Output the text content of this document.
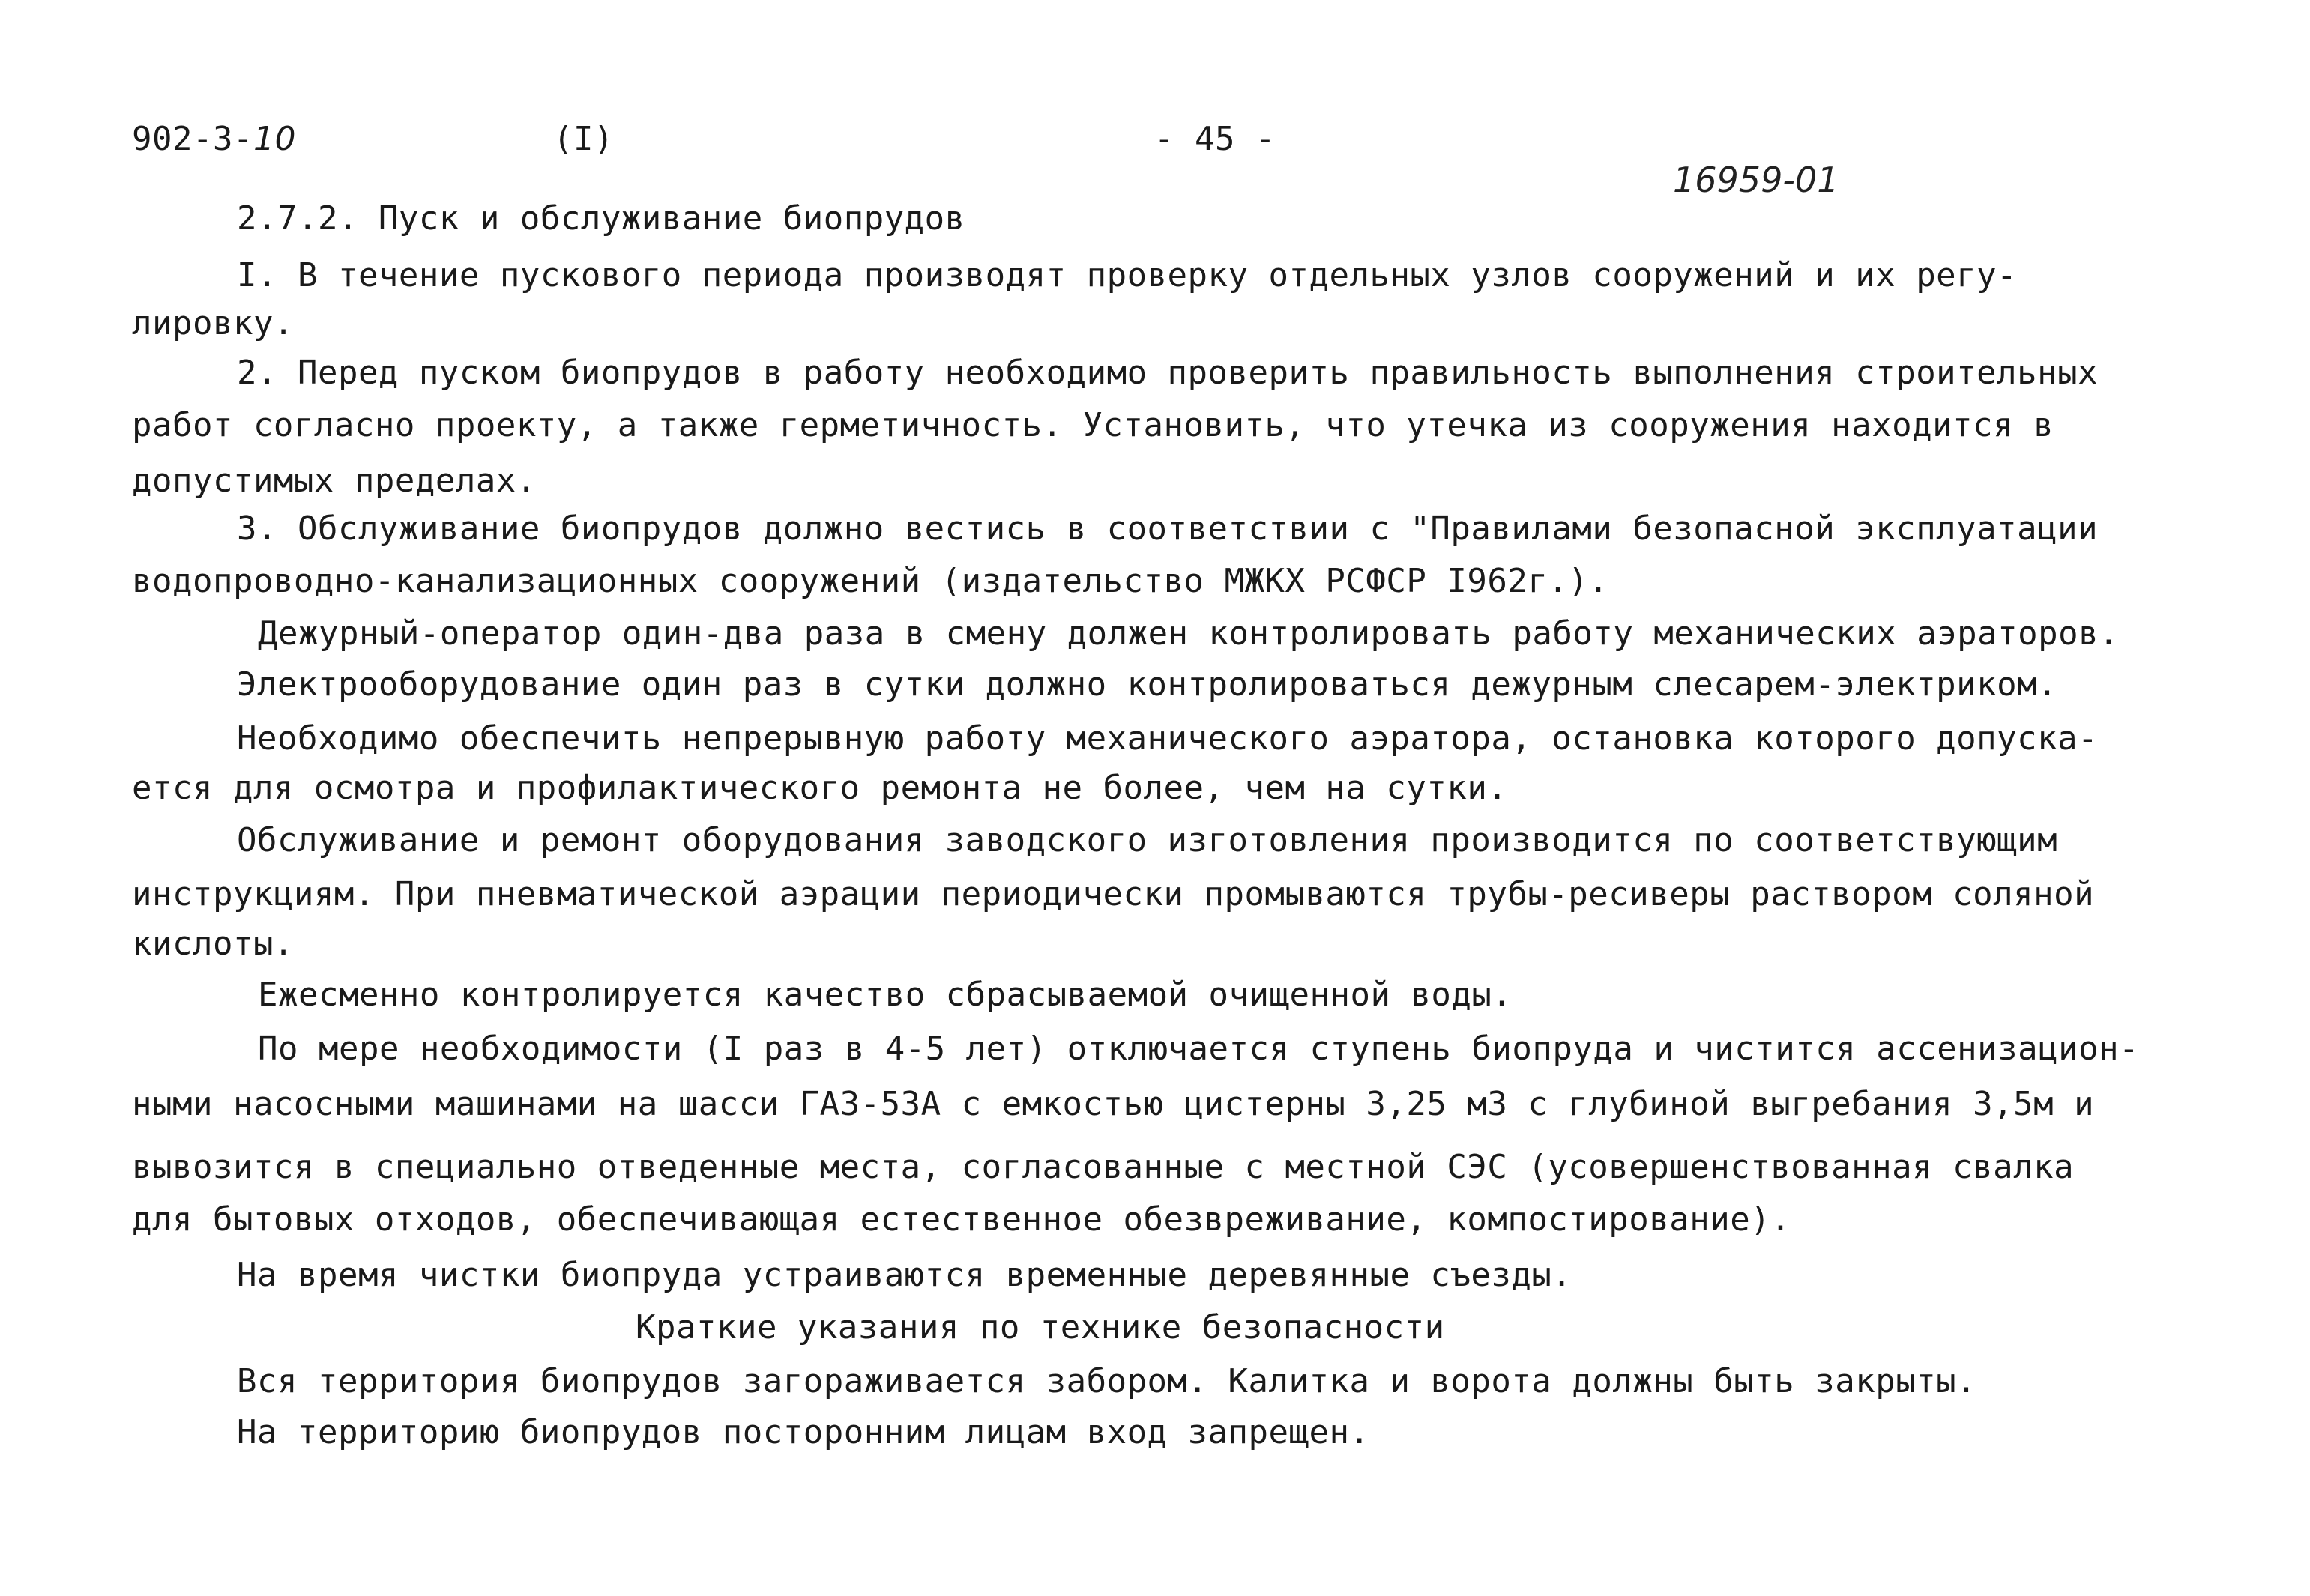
902-3-10	(I)	- 45 -
16959-01
2.7.2. Пуск и обслуживание биопрудов
I. В течение пускового периода производят проверку отдельных узлов сооружений и их регу-
лировку.
2. Перед пуском биопрудов в работу необходимо проверить правильность выполнения строительных
работ согласно проекту, а также герметичность. Установить, что утечка из сооружения находится в
допустимых пределах.
3. Обслуживание биопрудов должно вестись в соответствии с "Правилами безопасной эксплуатации
водопроводно-канализационных сооружений (издательство МЖКХ РСФСР I962г.).
Дежурный-оператор один-два раза в смену должен контролировать работу механических аэраторов.
Электрооборудование один раз в сутки должно контролироваться дежурным слесарем-электриком.
Необходимо обеспечить непрерывную работу механического аэратора, остановка которого допуска-
ется для осмотра и профилактического ремонта не более, чем на сутки.
Обслуживание и ремонт оборудования заводского изготовления производится по соответствующим
инструкциям. При пневматической аэрации периодически промываются трубы-ресиверы раствором соляной
кислоты.
Ежесменно контролируется качество сбрасываемой очищенной воды.
По мере необходимости (I раз в 4-5 лет) отключается ступень биопруда и чистится ассенизацион-
ными насосными машинами на шасси ГАЗ-53А с емкостью цистерны 3,25 м3 с глубиной выгребания 3,5м и
вывозится в специально отведенные места, согласованные с местной СЭС (усовершенствованная свалка
для бытовых отходов, обеспечивающая естественное обезвреживание, компостирование).
На время чистки биопруда устраиваются временные деревянные съезды.
Краткие указания по технике безопасности
Вся территория биопрудов загораживается забором. Калитка и ворота должны быть закрыты.
На территорию биопрудов посторонним лицам вход запрещен.
